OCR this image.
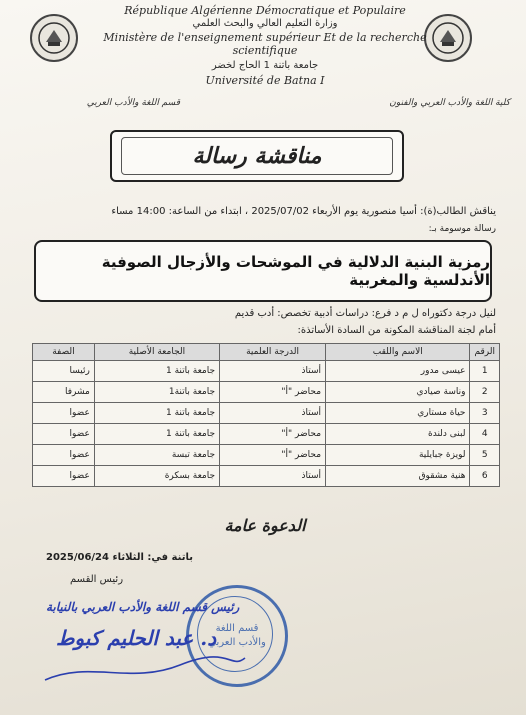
République Algérienne Démocratique et Populaire
وزارة التعليم العالي والبحث العلمي
Ministère de l'enseignement supérieur Et de la recherche scientifique
جامعة باتنة 1 الحاج لخضر
Université de Batna I
كلية اللغة والأدب العربي والفنون
قسم اللغة والأدب العربي
مناقشة رسالة
يناقش الطالب(ة): أسيا منصورية يوم الأربعاء 2025/07/02 ، ابتداء من الساعة: 14:00 مساء
رسالة موسومة بـ:
رمزية البنية الدلالية في الموشحات والأزجال الصوفية الأندلسية والمغربية
لنيل درجة دكتوراه ل م د فرع: دراسات أدبية تخصص: أدب قديم
أمام لجنة المناقشة المكونة من السادة الأساتذة:
الرقم	الاسم واللقب	الدرجة العلمية	الجامعة الأصلية	الصفة
1	عيسى مدور	أستاذ	جامعة باتنة 1	رئيسا
2	وناسة صيادي	محاضر "أ"	جامعة باتنة1	مشرفا
3	حياة مستاري	أستاذ	جامعة باتنة 1	عضوا
4	لبنى دلندة	محاضر "أ"	جامعة باتنة 1	عضوا
5	لويزة جبايلية	محاضر "أ"	جامعة تبسة	عضوا
6	هنية مشقوق	أستاذ	جامعة بسكرة	عضوا
الدعوة عامة
باتنة في: الثلاثاء 2025/06/24
رئيس القسم
قسم اللغة والأدب العربي
رئيس قسم اللغة والأدب العربي بالنيابة
د. عبد الحليم كبوط
